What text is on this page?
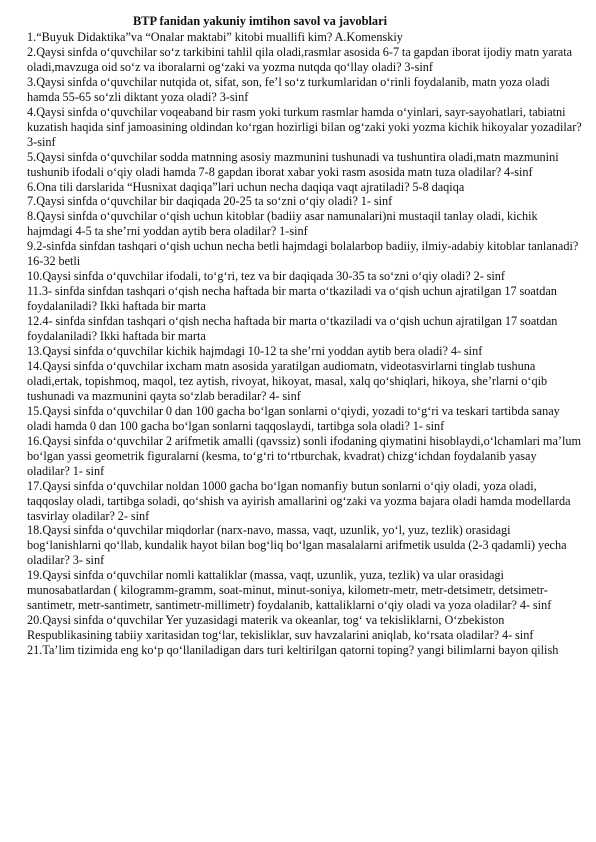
BTP fanidan yakuniy imtihon savol va javoblari

1.“Buyuk Didaktika”va “Onalar maktabi” kitobi muallifi kim? A.Komenskiy

2.Qaysi sinfda oʻquvchilar soʻz tarkibini tahlil qila oladi,rasmlar asosida 6-7 ta gapdan iborat ijodiy matn yarata oladi,mavzuga oid soʻz va iboralarni ogʻzaki va yozma nutqda qoʻllay oladi? 3-sinf

3.Qaysi sinfda oʻquvchilar nutqida ot, sifat, son, feʼl soʻz turkumlaridan oʻrinli foydalanib, matn yoza oladi hamda 55-65 soʻzli diktant yoza oladi? 3-sinf

4.Qaysi sinfda oʻquvchilar voqeaband bir rasm yoki turkum rasmlar hamda oʻyinlari, sayr-sayohatlari, tabiatni kuzatish haqida sinf jamoasining oldindan koʻrgan hozirligi bilan ogʻzaki yoki yozma kichik hikoyalar yozadilar? 3-sinf

5.Qaysi sinfda oʻquvchilar sodda matnning asosiy mazmunini tushunadi va tushuntira oladi,matn mazmunini tushunib ifodali oʻqiy oladi hamda 7-8 gapdan iborat xabar yoki rasm asosida matn tuza oladilar? 4-sinf

6.Ona tili darslarida “Husnixat daqiqa”lari uchun necha daqiqa vaqt ajratiladi? 5-8 daqiqa

7.Qaysi sinfda oʻquvchilar bir daqiqada 20-25 ta soʻzni oʻqiy oladi? 1- sinf

8.Qaysi sinfda oʻquvchilar oʻqish uchun kitoblar (badiiy asar namunalari)ni mustaqil tanlay oladi, kichik hajmdagi 4-5 ta sheʼrni yoddan aytib bera oladilar? 1-sinf

9.2-sinfda sinfdan tashqari oʻqish uchun necha betli hajmdagi bolalarbop badiiy, ilmiy-adabiy kitoblar tanlanadi? 16-32 betli

10.Qaysi sinfda oʻquvchilar ifodali, toʻgʻri, tez va bir daqiqada 30-35 ta soʻzni oʻqiy oladi? 2- sinf

11.3- sinfda sinfdan tashqari oʻqish necha haftada bir marta oʻtkaziladi va oʻqish uchun ajratilgan 17 soatdan foydalaniladi? Ikki haftada bir marta

12.4- sinfda sinfdan tashqari oʻqish necha haftada bir marta oʻtkaziladi va oʻqish uchun ajratilgan 17 soatdan foydalaniladi? Ikki haftada bir marta

13.Qaysi sinfda oʻquvchilar kichik hajmdagi 10-12 ta sheʼrni yoddan aytib bera oladi? 4- sinf

14.Qaysi sinfda oʻquvchilar ixcham matn asosida yaratilgan audiomatn, videotasvirlarni tinglab tushuna oladi,ertak, topishmoq, maqol, tez aytish, rivoyat, hikoyat, masal, xalq qoʻshiqlari, hikoya, sheʼrlarni oʻqib tushunadi va mazmunini qayta soʻzlab beradilar? 4- sinf

15.Qaysi sinfda oʻquvchilar 0 dan 100 gacha boʻlgan sonlarni oʻqiydi, yozadi toʻgʻri va teskari tartibda sanay oladi hamda 0 dan 100 gacha boʻlgan sonlarni taqqoslaydi, tartibga sola oladi? 1- sinf

16.Qaysi sinfda oʻquvchilar 2 arifmetik amalli (qavssiz) sonli ifodaning qiymatini hisoblaydi,oʻlchamlari maʼlum boʻlgan yassi geometrik figuralarni (kesma, toʻgʻri toʻrtburchak, kvadrat) chizgʻichdan foydalanib yasay oladilar? 1- sinf

17.Qaysi sinfda oʻquvchilar noldan 1000 gacha boʻlgan nomanfiy butun sonlarni oʻqiy oladi, yoza oladi, taqqoslay oladi, tartibga soladi, qoʻshish va ayirish amallarini ogʻzaki va yozma bajara oladi hamda modellarda tasvirlay oladilar? 2- sinf

18.Qaysi sinfda oʻquvchilar miqdorlar (narx-navo, massa, vaqt, uzunlik, yoʻl, yuz, tezlik) orasidagi bogʻlanishlarni qoʻllab, kundalik hayot bilan bogʻliq boʻlgan masalalarni arifmetik usulda (2-3 qadamli) yecha oladilar? 3- sinf

19.Qaysi sinfda oʻquvchilar nomli kattaliklar (massa, vaqt, uzunlik, yuza, tezlik) va ular orasidagi munosabatlardan ( kilogramm-gramm, soat-minut, minut-soniya, kilometr-metr, metr-detsimetr, detsimetr-santimetr, metr-santimetr, santimetr-millimetr) foydalanib, kattaliklarni oʻqiy oladi va yoza oladilar? 4- sinf

20.Qaysi sinfda oʻquvchilar Yer yuzasidagi materik va okeanlar, togʻ va tekisliklarni, Oʻzbekiston Respublikasining tabiiy xaritasidan togʻlar, tekisliklar, suv havzalarini aniqlab, koʻrsata oladilar? 4- sinf

21.Taʼlim tizimida eng koʻp qoʻllaniladigan dars turi keltirilgan qatorni toping? yangi bilimlarni bayon qilish
